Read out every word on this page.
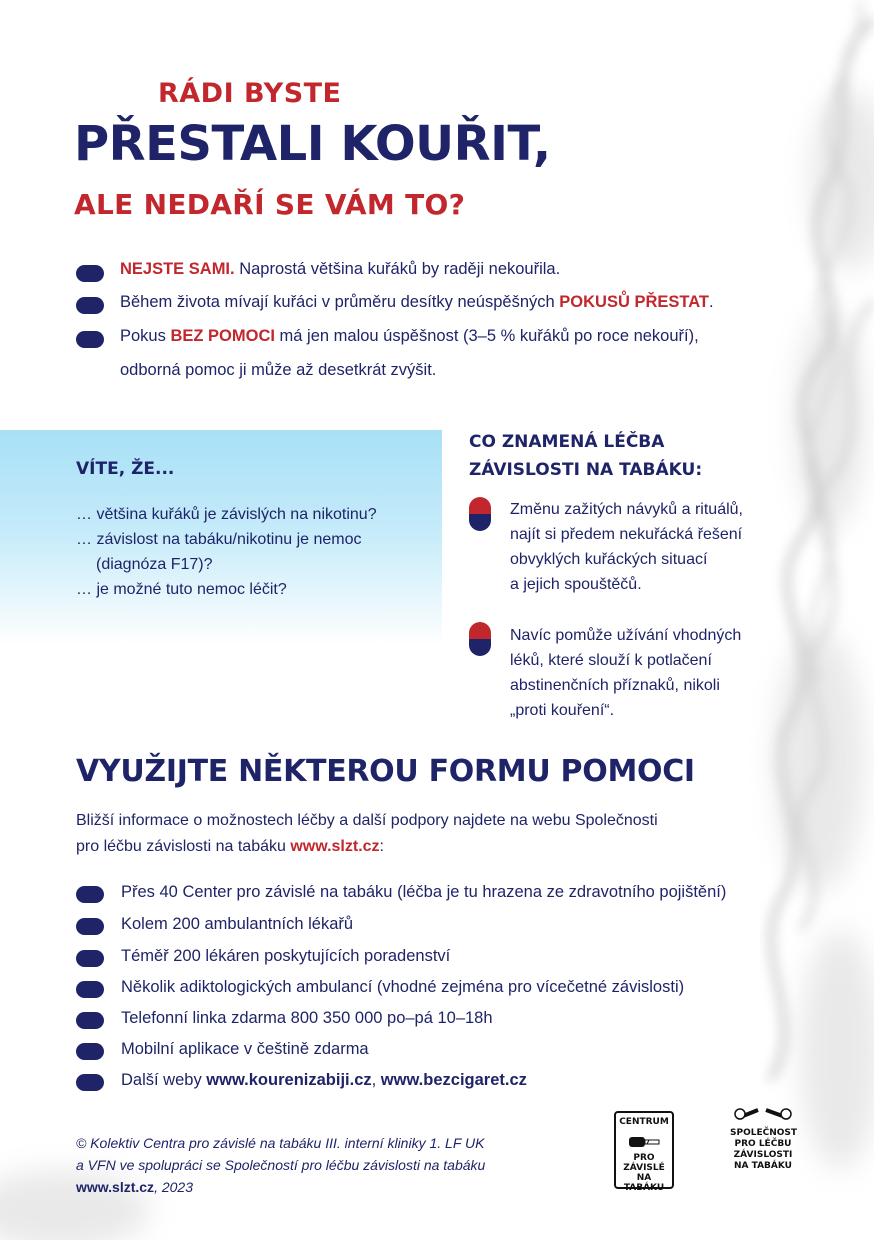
RÁDI BYSTE
PŘESTALI KOUŘIT,
ALE NEDAŘÍ SE VÁM TO?
NEJSTE SAMI. Naprostá většina kuřáků by raději nekouřila.
Během života mívají kuřáci v průměru desítky neúspěšných POKUSŮ PŘESTAT.
Pokus BEZ POMOCI má jen malou úspěšnost (3–5 % kuřáků po roce nekouří),
odborná pomoc ji může až desetkrát zvýšit.
VÍTE, ŽE...
… většina kuřáků je závislých na nikotinu?
… závislost na tabáku/nikotinu je nemoc
(diagnóza F17)?
… je možné tuto nemoc léčit?
CO ZNAMENÁ LÉČBA
ZÁVISLOSTI NA TABÁKU:
Změnu zažitých návyků a rituálů,
najít si předem nekuřácká řešení
obvyklých kuřáckých situací
a jejich spouštěčů.
Navíc pomůže užívání vhodných
léků, které slouží k potlačení
abstinenčních příznaků, nikoli
„proti kouření“.
VYUŽIJTE NĚKTEROU FORMU POMOCI
Bližší informace o možnostech léčby a další podpory najdete na webu Společnosti
pro léčbu závislosti na tabáku www.slzt.cz:
Přes 40 Center pro závislé na tabáku (léčba je tu hrazena ze zdravotního pojištění)
Kolem 200 ambulantních lékařů
Téměř 200 lékáren poskytujících poradenství
Několik adiktologických ambulancí (vhodné zejména pro vícečetné závislosti)
Telefonní linka zdarma 800 350 000 po–pá 10–18h
Mobilní aplikace v češtině zdarma
Další weby www.kourenizabiji.cz, www.bezcigaret.cz
© Kolektiv Centra pro závislé na tabáku III. interní kliniky 1. LF UK
a VFN ve spolupráci se Společností pro léčbu závislosti na tabáku
www.slzt.cz, 2023
CENTRUM
PRO ZÁVISLÉ
NA TABÁKU
SPOLEČNOST
PRO LÉČBU
ZÁVISLOSTI
NA TABÁKU
